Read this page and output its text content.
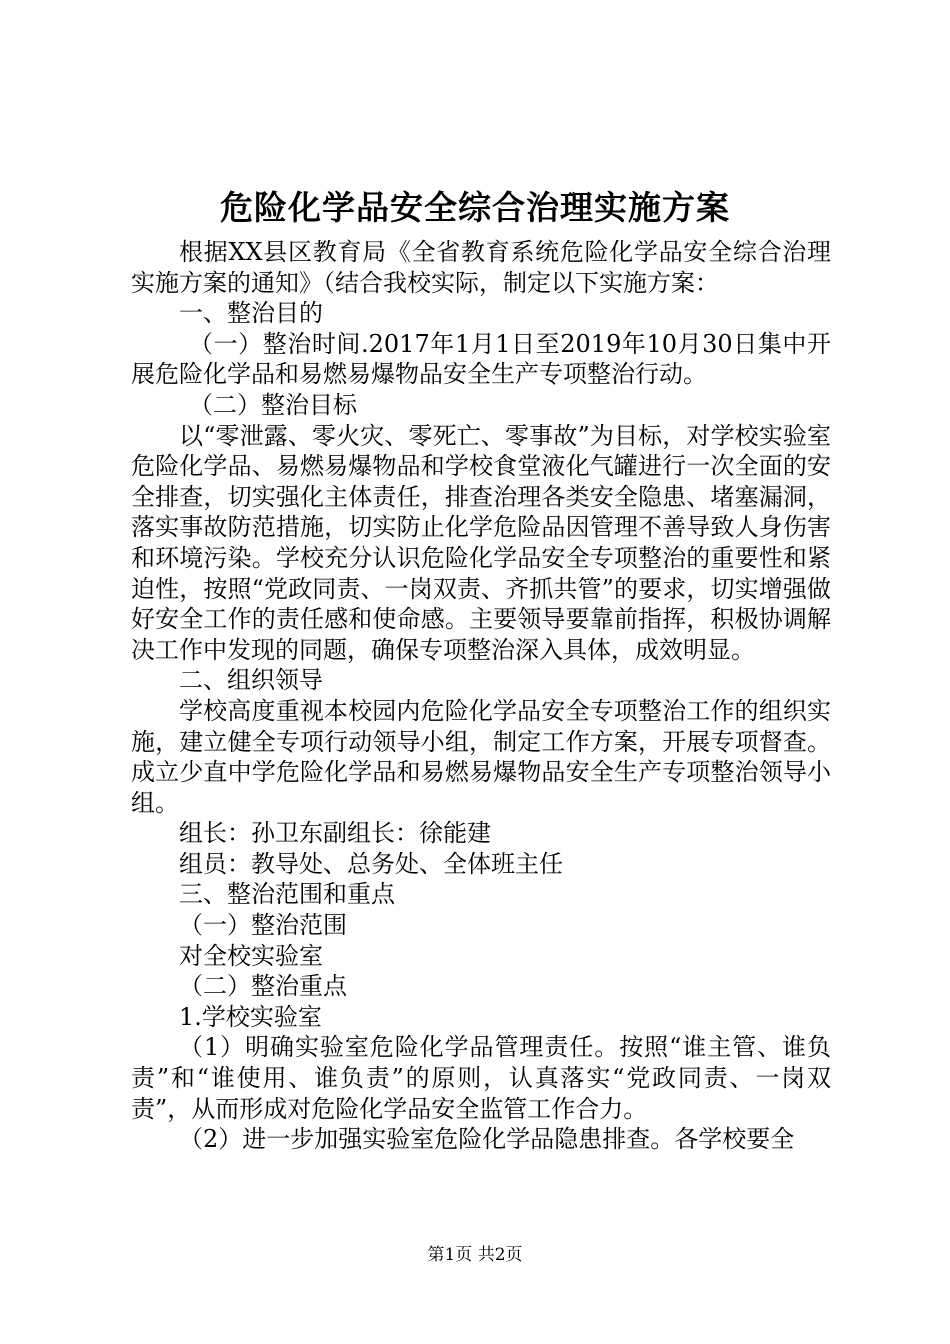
危险化学品安全综合治理实施方案

根据XX县区教育局《全省教育系统危险化学品安全综合治理实施方案的通知》（结合我校实际，制定以下实施方案：

一、整治目的

（一）整治时间.2017年1月1日至2019年10月30日集中开展危险化学品和易燃易爆物品安全生产专项整治行动。

（二）整治目标

以“零泄露、零火灾、零死亡、零事故”为目标，对学校实验室危险化学品、易燃易爆物品和学校食堂液化气罐进行一次全面的安全排查，切实强化主体责任，排查治理各类安全隐患、堵塞漏洞，落实事故防范措施，切实防止化学危险品因管理不善导致人身伤害和环境污染。学校充分认识危险化学品安全专项整治的重要性和紧迫性，按照“党政同责、一岗双责、齐抓共管”的要求，切实增强做好安全工作的责任感和使命感。主要领导要靠前指挥，积极协调解决工作中发现的同题，确保专项整治深入具体，成效明显。

二、组织领导

学校高度重视本校园内危险化学品安全专项整治工作的组织实施，建立健全专项行动领导小组，制定工作方案，开展专项督查。成立少直中学危险化学品和易燃易爆物品安全生产专项整治领导小组。

组长：孙卫东副组长：徐能建

组员：教导处、总务处、全体班主任

三、整治范围和重点

（一）整治范围

对全校实验室

（二）整治重点

1.学校实验室

（1）明确实验室危险化学品管理责任。按照“谁主管、谁负责”和“谁使用、谁负责”的原则，认真落实“党政同责、一岗双责”，从而形成对危险化学品安全监管工作合力。

（2）进一步加强实验室危险化学品隐患排查。各学校要全

第1页 共2页
